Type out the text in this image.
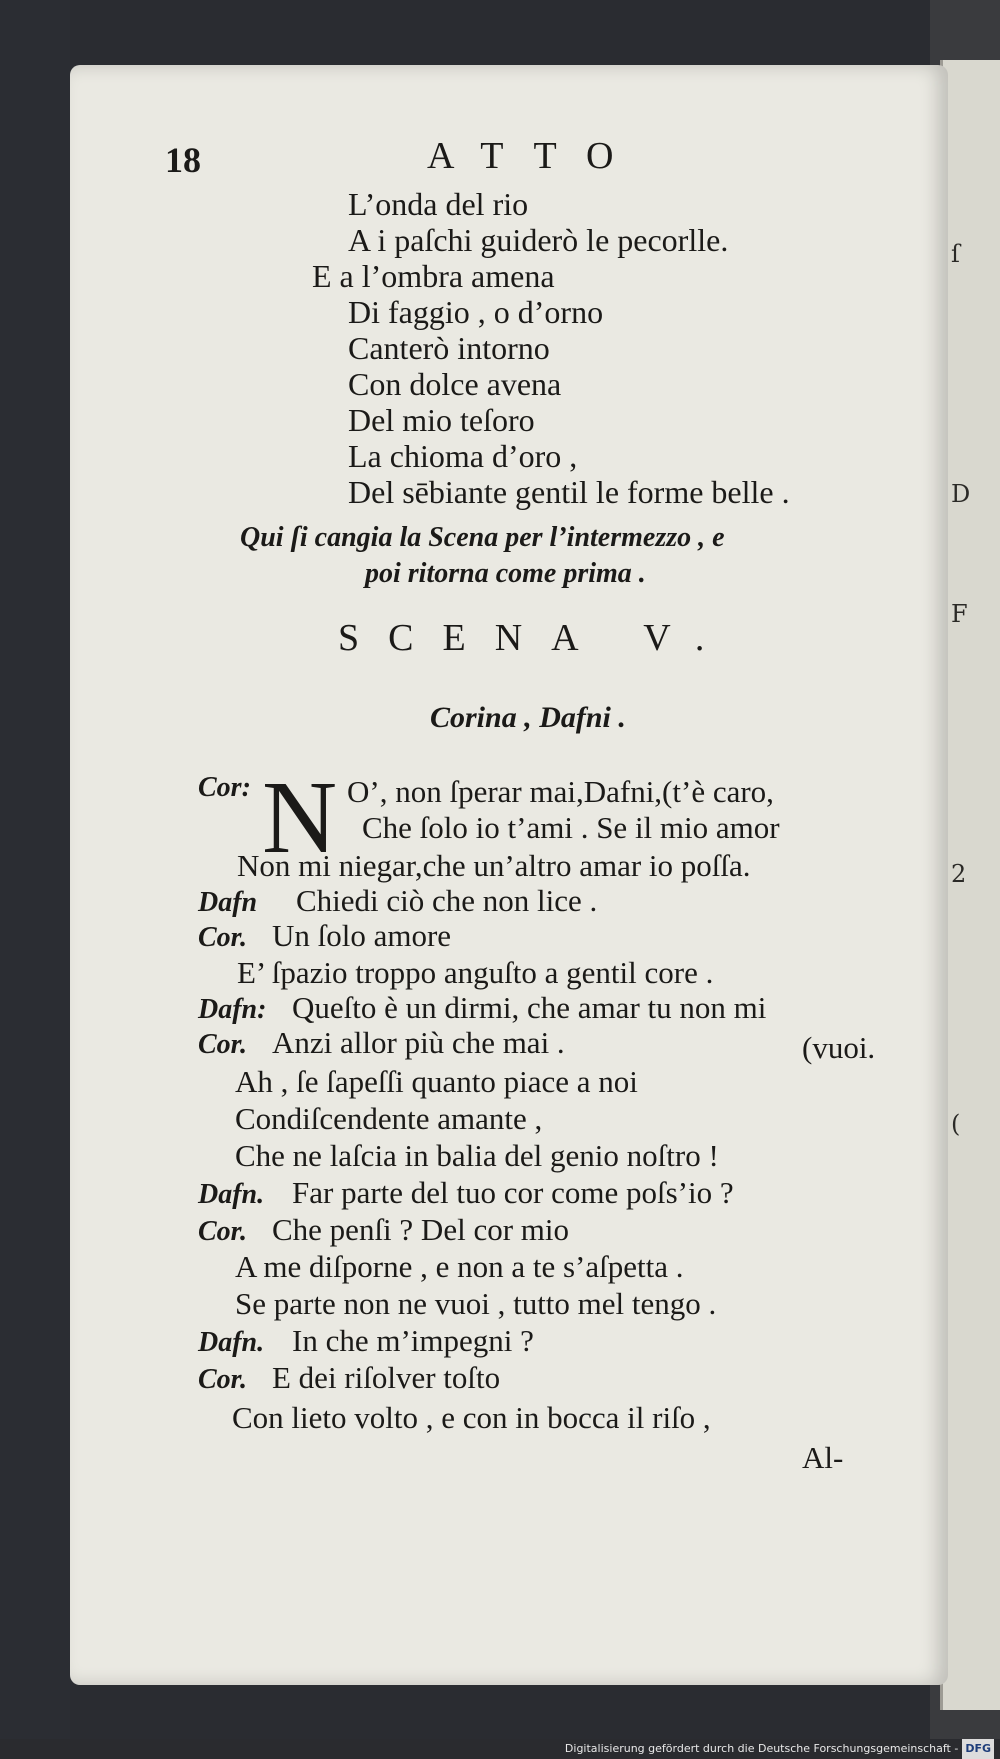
ſ
D
F
2
(
18	ATTO
L’onda del rio
A i paſchi guiderò le pecorlle.
E a l’ombra amena
Di faggio , o d’orno
Canterò intorno
Con dolce avena
Del mio teſoro
La chioma d’oro ,
Del sēbiante gentil le forme belle .
Qui ſi cangia la Scena per l’intermezzo , e
poi ritorna come prima .
SCENA V.
Corina , Dafni .
Cor: N O’, non ſperar mai,Dafni,(t’è caro,
Che ſolo io t’ami . Se il mio amor
Non mi niegar,che un’altro amar io poſſa.
Dafn Chiedi ciò che non lice .
Cor. Un ſolo amore
E’ ſpazio troppo anguſto a gentil core .
Dafn: Queſto è un dirmi, che amar tu non mi
Cor. Anzi allor più che mai .	(vuoi.
Ah , ſe ſapeſſi quanto piace a noi
Condiſcendente amante ,
Che ne laſcia in balia del genio noſtro !
Dafn. Far parte del tuo cor come poſs’io ?
Cor. Che penſi ? Del cor mio
A me diſporne , e non a te s’aſpetta .
Se parte non ne vuoi , tutto mel tengo .
Dafn. In che m’impegni ?
Cor. E dei riſolver toſto
Con lieto volto , e con in bocca il riſo ,
Al-
Digitalisierung gefördert durch die Deutsche Forschungsgemeinschaft - DFG
